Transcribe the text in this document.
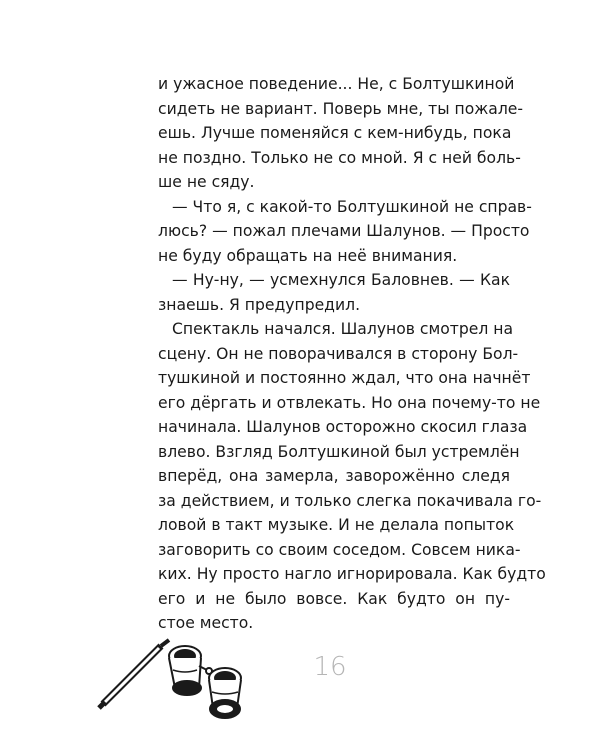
и ужасное поведение... Не, с Болтушкиной
сидеть не вариант. Поверь мне, ты пожале-
ешь. Лучше поменяйся с кем-нибудь, пока
не поздно. Только не со мной. Я с ней боль-
ше не сяду.
— Что я, с какой-то Болтушкиной не справ-
люсь? — пожал плечами Шалунов. — Просто
не буду обращать на неё внимания.
— Ну-ну, — усмехнулся Баловнев. — Как
знаешь. Я предупредил.
Спектакль начался. Шалунов смотрел на
сцену. Он не поворачивался в сторону Бол-
тушкиной и постоянно ждал, что она начнёт
его дёргать и отвлекать. Но она почему-то не
начинала. Шалунов осторожно скосил глаза
влево. Взгляд Болтушкиной был устремлён
вперёд, она замерла, заворожённо следя
за действием, и только слегка покачивала го-
ловой в такт музыке. И не делала попыток
заговорить со своим соседом. Совсем ника-
ких. Ну просто нагло игнорировала. Как будто
его и не было вовсе. Как будто он пу-
стое место.
16
